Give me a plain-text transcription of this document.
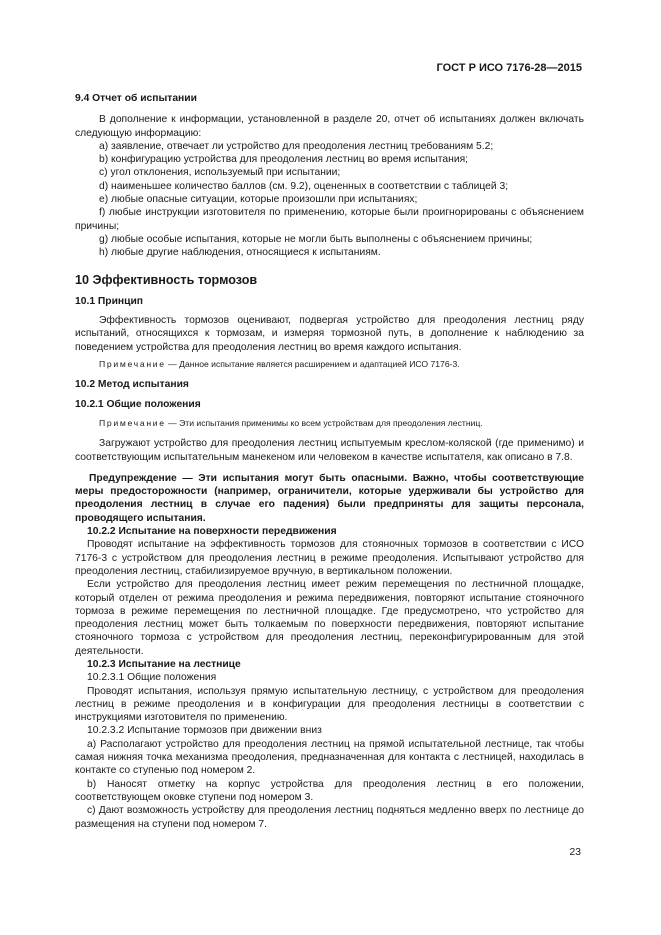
ГОСТ Р ИСО 7176-28—2015

9.4 Отчет об испытании

В дополнение к информации, установленной в разделе 20, отчет об испытаниях должен включать следующую информацию:

a) заявление, отвечает ли устройство для преодоления лестниц требованиям 5.2;

b) конфигурацию устройства для преодоления лестниц во время испытания;

c) угол отклонения, используемый при испытании;

d) наименьшее количество баллов (см. 9.2), оцененных в соответствии с таблицей 3;

e) любые опасные ситуации, которые произошли при испытаниях;

f) любые инструкции изготовителя по применению, которые были проигнорированы с объяснением причины;

g) любые особые испытания, которые не могли быть выполнены с объяснением причины;

h) любые другие наблюдения, относящиеся к испытаниям.

10 Эффективность тормозов

10.1 Принцип

Эффективность тормозов оценивают, подвергая устройство для преодоления лестниц ряду испытаний, относящихся к тормозам, и измеряя тормозной путь, в дополнение к наблюдению за поведением устройства для преодоления лестниц во время каждого испытания.

Примечание — Данное испытание является расширением и адаптацией ИСО 7176-3.

10.2 Метод испытания

10.2.1 Общие положения

Примечание — Эти испытания применимы ко всем устройствам для преодоления лестниц.

Загружают устройство для преодоления лестниц испытуемым креслом-коляской (где применимо) и соответствующим испытательным манекеном или человеком в качестве испытателя, как описано в 7.8.

Предупреждение — Эти испытания могут быть опасными. Важно, чтобы соответствующие меры предосторожности (например, ограничители, которые удерживали бы устройство для преодоления лестниц в случае его падения) были предприняты для защиты персонала, проводящего испытания.

10.2.2 Испытание на поверхности передвижения

Проводят испытание на эффективность тормозов для стояночных тормозов в соответствии с ИСО 7176-3 с устройством для преодоления лестниц в режиме преодоления. Испытывают устройство для преодоления лестниц, стабилизируемое вручную, в вертикальном положении.

Если устройство для преодоления лестниц имеет режим перемещения по лестничной площадке, который отделен от режима преодоления и режима передвижения, повторяют испытание стояночного тормоза в режиме перемещения по лестничной площадке. Где предусмотрено, что устройство для преодоления лестниц может быть толкаемым по поверхности передвижения, повторяют испытание стояночного тормоза с устройством для преодоления лестниц, переконфигурированным для этой деятельности.

10.2.3 Испытание на лестнице

10.2.3.1 Общие положения

Проводят испытания, используя прямую испытательную лестницу, с устройством для преодоления лестниц в режиме преодоления и в конфигурации для преодоления лестницы в соответствии с инструкциями изготовителя по применению.

10.2.3.2 Испытание тормозов при движении вниз

a) Располагают устройство для преодоления лестниц на прямой испытательной лестнице, так чтобы самая нижняя точка механизма преодоления, предназначенная для контакта с лестницей, находилась в контакте со ступенью под номером 2.

b) Наносят отметку на корпус устройства для преодоления лестниц в его положении, соответствующем оковке ступени под номером 3.

c) Дают возможность устройству для преодоления лестниц подняться медленно вверх по лестнице до размещения на ступени под номером 7.

23
